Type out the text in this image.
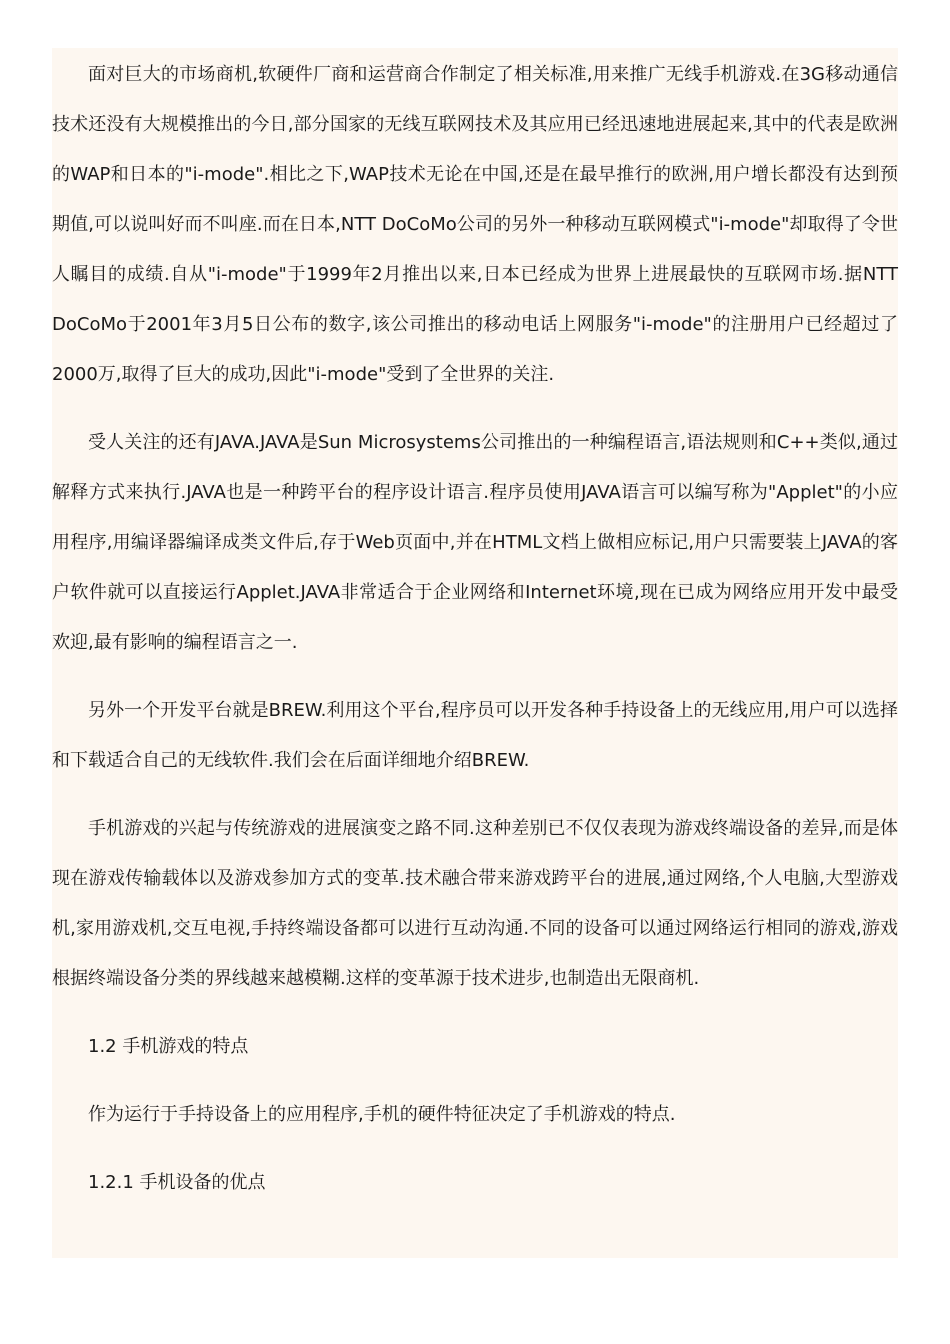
面对巨大的市场商机,软硬件厂商和运营商合作制定了相关标准,用来推广无线手机游戏.在3G移动通信技术还没有大规模推出的今日,部分国家的无线互联网技术及其应用已经迅速地进展起来,其中的代表是欧洲的WAP和日本的"i-mode".相比之下,WAP技术无论在中国,还是在最早推行的欧洲,用户增长都没有达到预期值,可以说叫好而不叫座.而在日本,NTT DoCoMo公司的另外一种移动互联网模式"i-mode"却取得了令世人瞩目的成绩.自从"i-mode"于1999年2月推出以来,日本已经成为世界上进展最快的互联网市场.据NTT DoCoMo于2001年3月5日公布的数字,该公司推出的移动电话上网服务"i-mode"的注册用户已经超过了2000万,取得了巨大的成功,因此"i-mode"受到了全世界的关注.

受人关注的还有JAVA.JAVA是Sun Microsystems公司推出的一种编程语言,语法规则和C++类似,通过解释方式来执行.JAVA也是一种跨平台的程序设计语言.程序员使用JAVA语言可以编写称为"Applet"的小应用程序,用编译器编译成类文件后,存于Web页面中,并在HTML文档上做相应标记,用户只需要装上JAVA的客户软件就可以直接运行Applet.JAVA非常适合于企业网络和Internet环境,现在已成为网络应用开发中最受欢迎,最有影响的编程语言之一.

另外一个开发平台就是BREW.利用这个平台,程序员可以开发各种手持设备上的无线应用,用户可以选择和下载适合自己的无线软件.我们会在后面详细地介绍BREW.

手机游戏的兴起与传统游戏的进展演变之路不同.这种差别已不仅仅表现为游戏终端设备的差异,而是体现在游戏传输载体以及游戏参加方式的变革.技术融合带来游戏跨平台的进展,通过网络,个人电脑,大型游戏机,家用游戏机,交互电视,手持终端设备都可以进行互动沟通.不同的设备可以通过网络运行相同的游戏,游戏根据终端设备分类的界线越来越模糊.这样的变革源于技术进步,也制造出无限商机.

1.2 手机游戏的特点

作为运行于手持设备上的应用程序,手机的硬件特征决定了手机游戏的特点.

1.2.1 手机设备的优点
